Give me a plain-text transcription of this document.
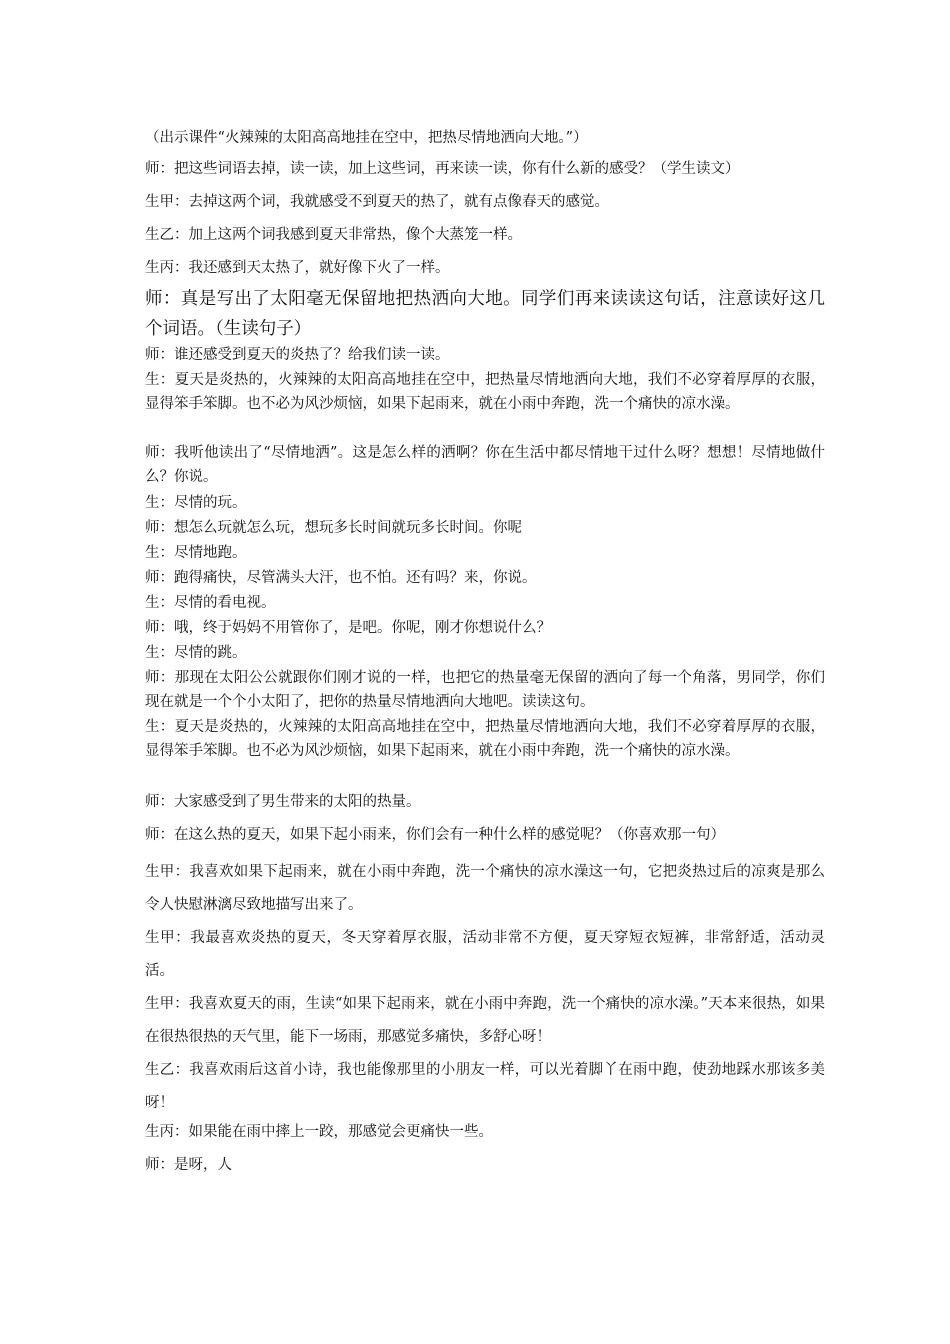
（出示课件“火辣辣的太阳高高地挂在空中，把热尽情地洒向大地。”）

师：把这些词语去掉，读一读，加上这些词，再来读一读，你有什么新的感受？（学生读文）

生甲：去掉这两个词，我就感受不到夏天的热了，就有点像春天的感觉。

生乙：加上这两个词我感到夏天非常热，像个大蒸笼一样。

生丙：我还感到天太热了，就好像下火了一样。

师：真是写出了太阳毫无保留地把热洒向大地。同学们再来读读这句话，注意读好这几个词语。（生读句子）

师：谁还感受到夏天的炎热了？给我们读一读。

生：夏天是炎热的，火辣辣的太阳高高地挂在空中，把热量尽情地洒向大地，我们不必穿着厚厚的衣服，显得笨手笨脚。也不必为风沙烦恼，如果下起雨来，就在小雨中奔跑，洗一个痛快的凉水澡。

师：我听他读出了“尽情地洒”。这是怎么样的洒啊？你在生活中都尽情地干过什么呀？想想！尽情地做什么？你说。

生：尽情的玩。

师：想怎么玩就怎么玩，想玩多长时间就玩多长时间。你呢

生：尽情地跑。

师：跑得痛快，尽管满头大汗，也不怕。还有吗？来，你说。

生：尽情的看电视。

师：哦，终于妈妈不用管你了，是吧。你呢，刚才你想说什么？

生：尽情的跳。

师：那现在太阳公公就跟你们刚才说的一样，也把它的热量毫无保留的洒向了每一个角落，男同学，你们现在就是一个个小太阳了，把你的热量尽情地洒向大地吧。读读这句。

生：夏天是炎热的，火辣辣的太阳高高地挂在空中，把热量尽情地洒向大地，我们不必穿着厚厚的衣服，显得笨手笨脚。也不必为风沙烦恼，如果下起雨来，就在小雨中奔跑，洗一个痛快的凉水澡。

师：大家感受到了男生带来的太阳的热量。

师：在这么热的夏天，如果下起小雨来，你们会有一种什么样的感觉呢？（你喜欢那一句）

生甲：我喜欢如果下起雨来，就在小雨中奔跑，洗一个痛快的凉水澡这一句，它把炎热过后的凉爽是那么令人快慰淋漓尽致地描写出来了。

生甲：我最喜欢炎热的夏天，冬天穿着厚衣服，活动非常不方便，夏天穿短衣短裤，非常舒适，活动灵活。

生甲：我喜欢夏天的雨，生读“如果下起雨来，就在小雨中奔跑，洗一个痛快的凉水澡。”天本来很热，如果在很热很热的天气里，能下一场雨，那感觉多痛快，多舒心呀！

生乙：我喜欢雨后这首小诗，我也能像那里的小朋友一样，可以光着脚丫在雨中跑，使劲地踩水那该多美呀！

生丙：如果能在雨中摔上一跤，那感觉会更痛快一些。

师：是呀，人
